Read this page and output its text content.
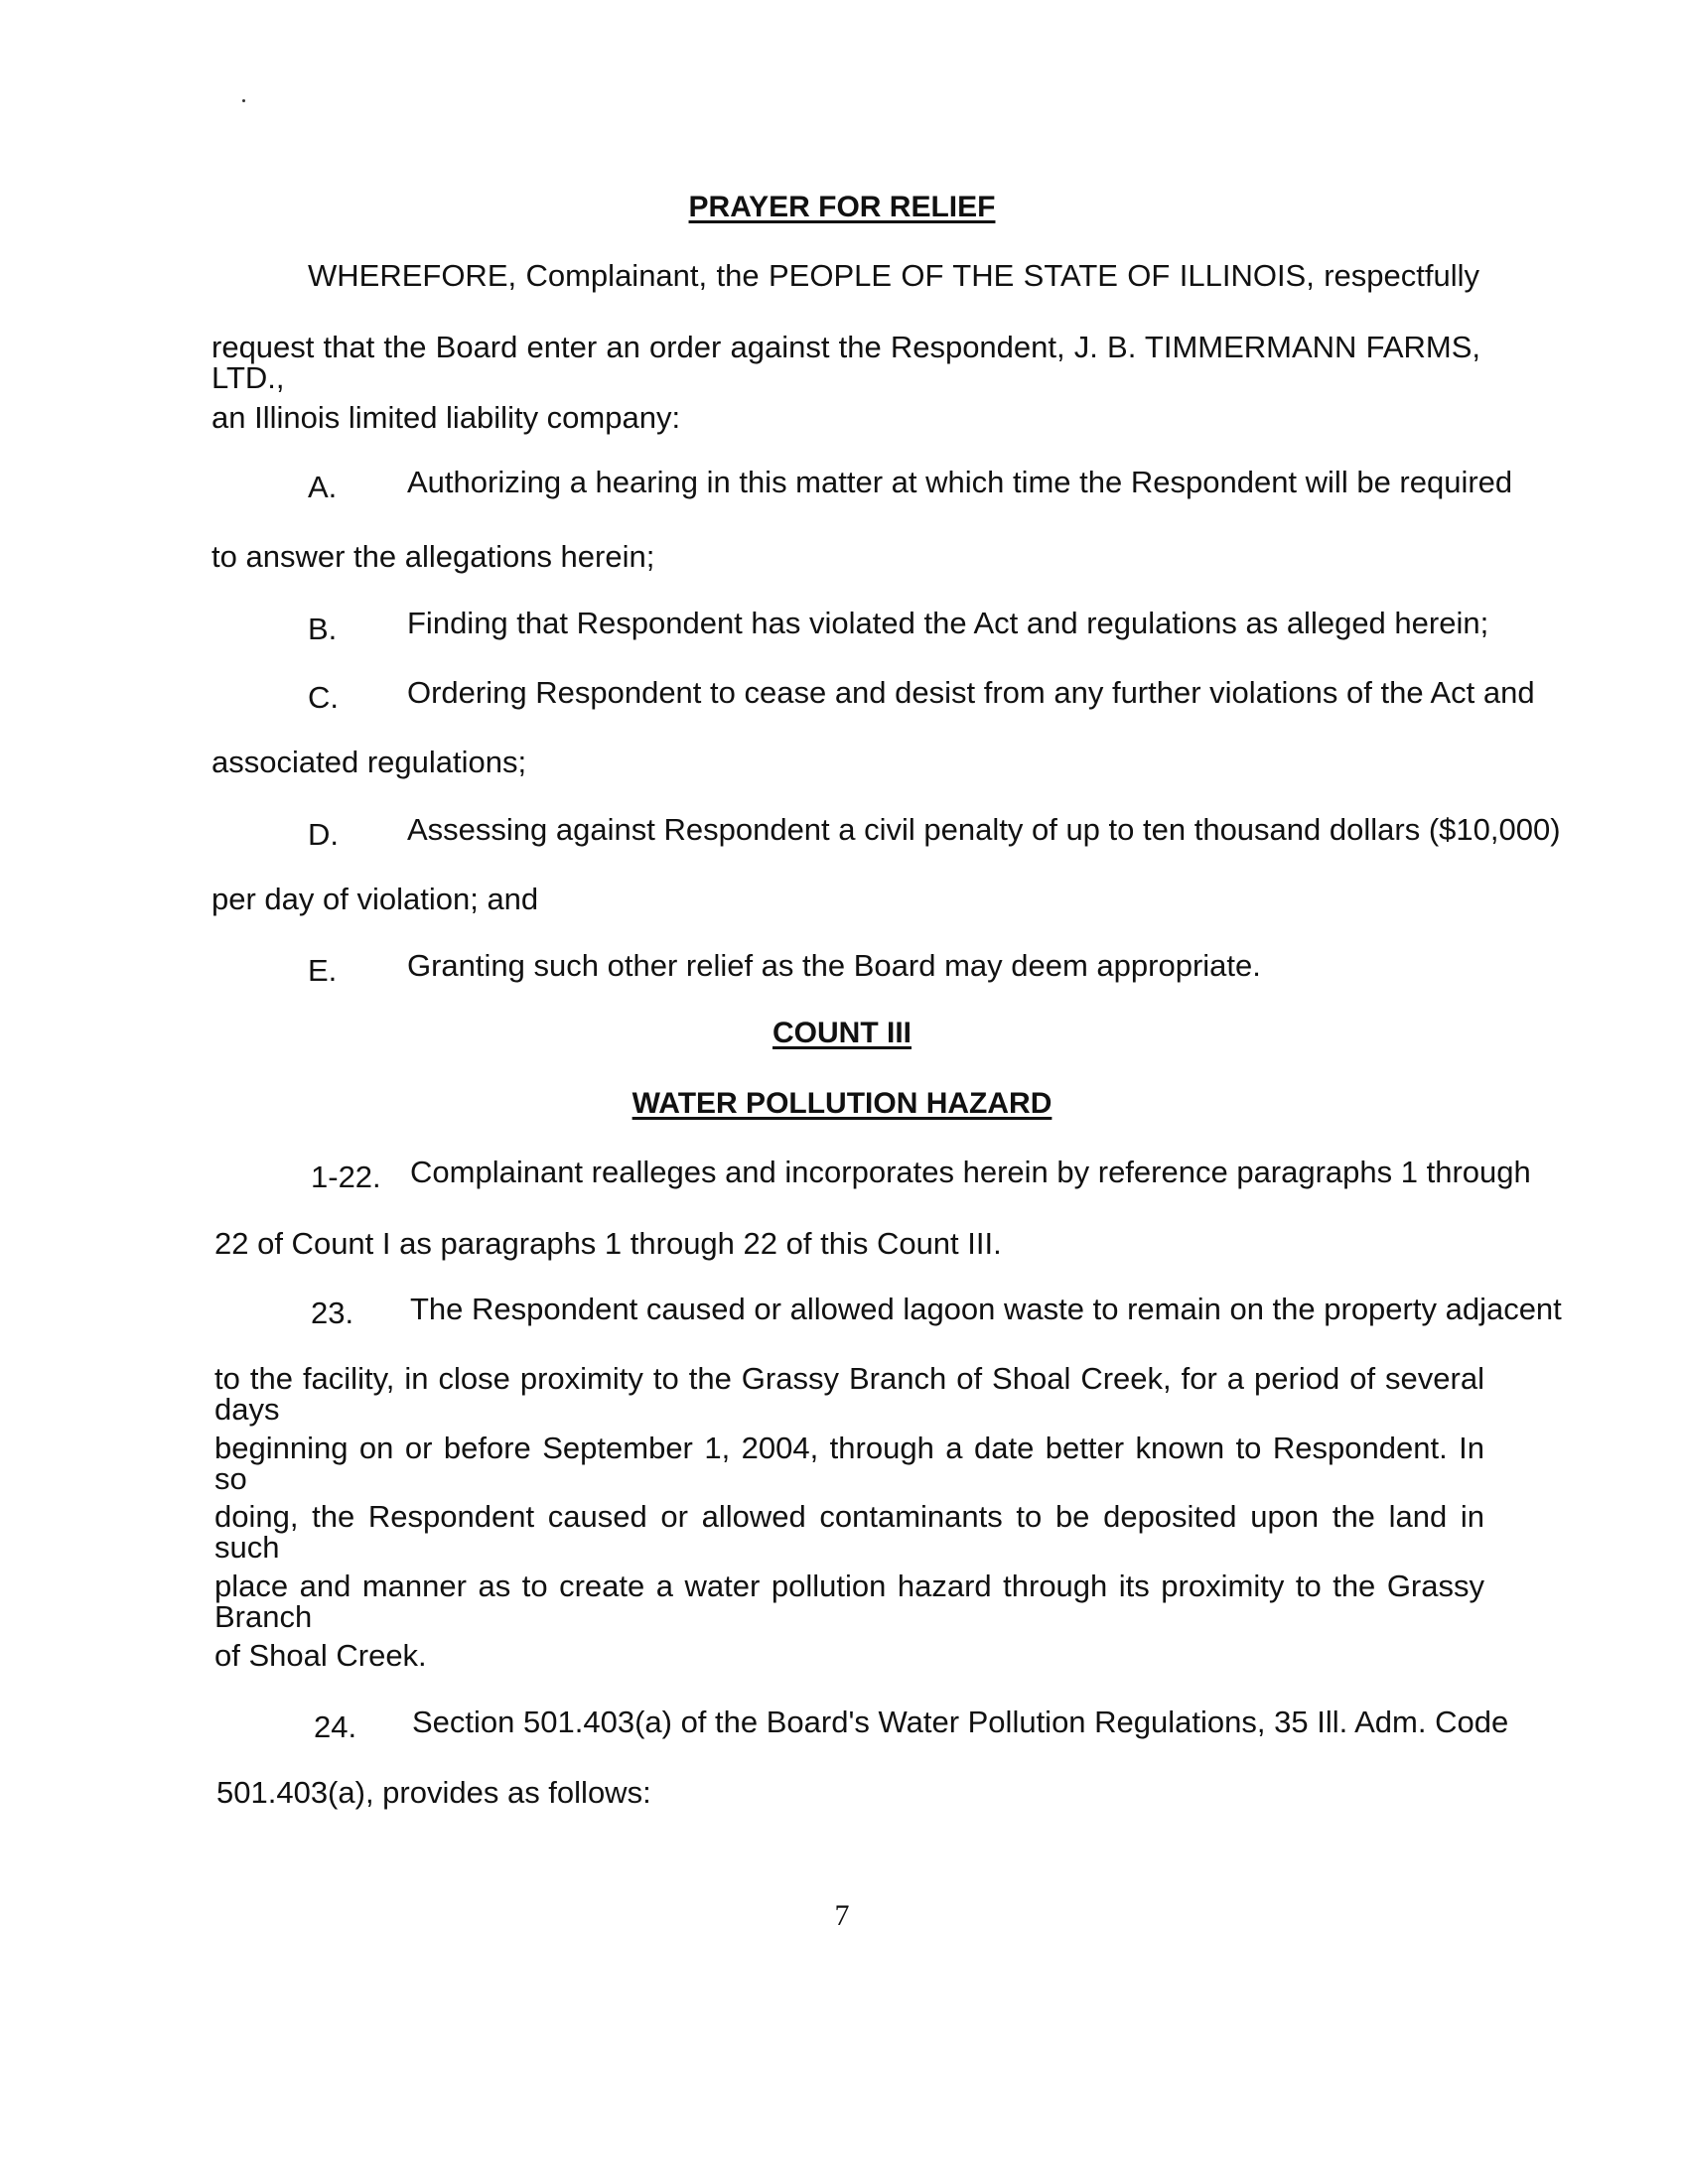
PRAYER FOR RELIEF
WHEREFORE, Complainant, the PEOPLE OF THE STATE OF ILLINOIS, respectfully
request that the Board enter an order against the Respondent, J. B. TIMMERMANN FARMS, LTD.,
an Illinois limited liability company:
A. Authorizing a hearing in this matter at which time the Respondent will be required
to answer the allegations herein;
B. Finding that Respondent has violated the Act and regulations as alleged herein;
C. Ordering Respondent to cease and desist from any further violations of the Act and
associated regulations;
D. Assessing against Respondent a civil penalty of up to ten thousand dollars ($10,000)
per day of violation; and
E. Granting such other relief as the Board may deem appropriate.
COUNT III
WATER POLLUTION HAZARD
1-22. Complainant realleges and incorporates herein by reference paragraphs 1 through
22 of Count I as paragraphs 1 through 22 of this Count III.
23. The Respondent caused or allowed lagoon waste to remain on the property adjacent
to the facility, in close proximity to the Grassy Branch of Shoal Creek, for a period of several days
beginning on or before September 1, 2004, through a date better known to Respondent. In so
doing, the Respondent caused or allowed contaminants to be deposited upon the land in such
place and manner as to create a water pollution hazard through its proximity to the Grassy Branch
of Shoal Creek.
24. Section 501.403(a) of the Board's Water Pollution Regulations, 35 Ill. Adm. Code
501.403(a), provides as follows:
7
